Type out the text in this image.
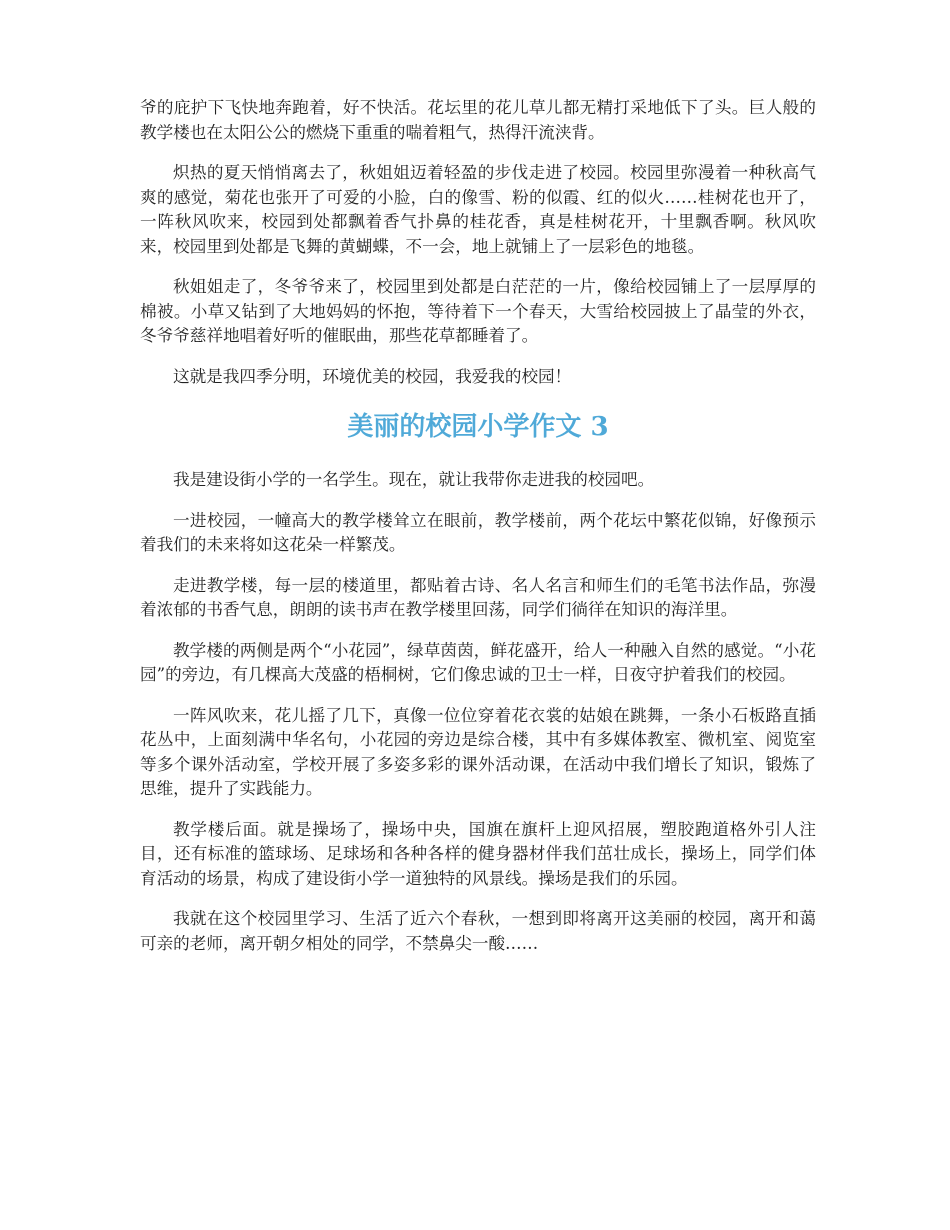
爷的庇护下飞快地奔跑着，好不快活。花坛里的花儿草儿都无精打采地低下了头。巨人般的教学楼也在太阳公公的燃烧下重重的喘着粗气，热得汗流浃背。

炽热的夏天悄悄离去了，秋姐姐迈着轻盈的步伐走进了校园。校园里弥漫着一种秋高气爽的感觉，菊花也张开了可爱的小脸，白的像雪、粉的似霞、红的似火……桂树花也开了，一阵秋风吹来，校园到处都飘着香气扑鼻的桂花香，真是桂树花开，十里飘香啊。秋风吹来，校园里到处都是飞舞的黄蝴蝶，不一会，地上就铺上了一层彩色的地毯。

秋姐姐走了，冬爷爷来了，校园里到处都是白茫茫的一片，像给校园铺上了一层厚厚的棉被。小草又钻到了大地妈妈的怀抱，等待着下一个春天，大雪给校园披上了晶莹的外衣，冬爷爷慈祥地唱着好听的催眠曲，那些花草都睡着了。

这就是我四季分明，环境优美的校园，我爱我的校园！

美丽的校园小学作文 3

我是建设街小学的一名学生。现在，就让我带你走进我的校园吧。

一进校园，一幢高大的教学楼耸立在眼前，教学楼前，两个花坛中繁花似锦，好像预示着我们的未来将如这花朵一样繁茂。

走进教学楼，每一层的楼道里，都贴着古诗、名人名言和师生们的毛笔书法作品，弥漫着浓郁的书香气息，朗朗的读书声在教学楼里回荡，同学们徜徉在知识的海洋里。

教学楼的两侧是两个“小花园”，绿草茵茵，鲜花盛开，给人一种融入自然的感觉。“小花园”的旁边，有几棵高大茂盛的梧桐树，它们像忠诚的卫士一样，日夜守护着我们的校园。

一阵风吹来，花儿摇了几下，真像一位位穿着花衣裳的姑娘在跳舞，一条小石板路直插花丛中，上面刻满中华名句，小花园的旁边是综合楼，其中有多媒体教室、微机室、阅览室等多个课外活动室，学校开展了多姿多彩的课外活动课，在活动中我们增长了知识，锻炼了思维，提升了实践能力。

教学楼后面。就是操场了，操场中央，国旗在旗杆上迎风招展，塑胶跑道格外引人注目，还有标准的篮球场、足球场和各种各样的健身器材伴我们茁壮成长，操场上，同学们体育活动的场景，构成了建设街小学一道独特的风景线。操场是我们的乐园。

我就在这个校园里学习、生活了近六个春秋，一想到即将离开这美丽的校园，离开和蔼可亲的老师，离开朝夕相处的同学，不禁鼻尖一酸……
